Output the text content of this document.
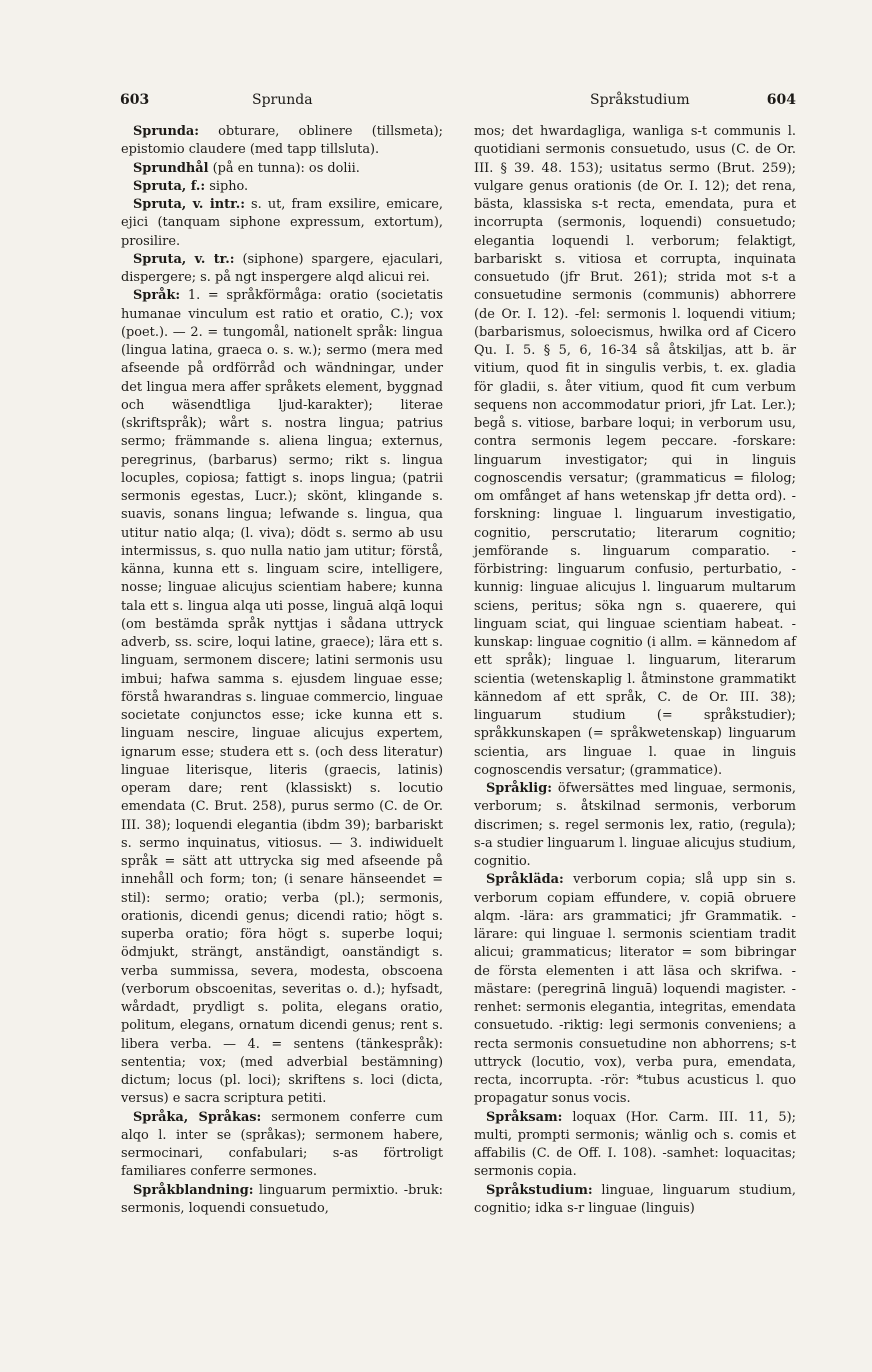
603	Sprunda	Språkstudium	604

Sprunda: obturare, oblinere (tillsmeta); epistomio claudere (med tapp tillsluta).

Sprundhål (på en tunna): os dolii.

Spruta, f.: sipho.

Spruta, v. intr.: s. ut, fram exsilire, emicare, ejici (tanquam siphone expressum, extortum), prosilire.

Spruta, v. tr.: (siphone) spargere, ejaculari, dispergere; s. på ngt inspergere alqd alicui rei.

Språk: 1. = språkförmåga: oratio (societatis humanae vinculum est ratio et oratio, C.); vox (poet.). — 2. = tungomål, nationelt språk: lingua (lingua latina, graeca o. s. w.); sermo (mera med afseende på ordförråd och wändningar, under det lingua mera affer språkets element, byggnad och wäsendtliga ljud-karakter); literae (skriftspråk); wårt s. nostra lingua; patrius sermo; främmande s. aliena lingua; externus, peregrinus, (barbarus) sermo; rikt s. lingua locuples, copiosa; fattigt s. inops lingua; (patrii sermonis egestas, Lucr.); skönt, klingande s. suavis, sonans lingua; lefwande s. lingua, qua utitur natio alqa; (l. viva); dödt s. sermo ab usu intermissus, s. quo nulla natio jam utitur; förstå, känna, kunna ett s. linguam scire, intelligere, nosse; linguae alicujus scientiam habere; kunna tala ett s. lingua alqa uti posse, linguā alqā loqui (om bestämda språk nyttjas i sådana uttryck adverb, ss. scire, loqui latine, graece); lära ett s. linguam, sermonem discere; latini sermonis usu imbui; hafwa samma s. ejusdem linguae esse; förstå hwarandras s. linguae commercio, linguae societate conjunctos esse; icke kunna ett s. linguam nescire, linguae alicujus expertem, ignarum esse; studera ett s. (och dess literatur) linguae literisque, literis (graecis, latinis) operam dare; rent (klassiskt) s. locutio emendata (C. Brut. 258), purus sermo (C. de Or. III. 38); loquendi elegantia (ibdm 39); barbariskt s. sermo inquinatus, vitiosus. — 3. indiwiduelt språk = sätt att uttrycka sig med afseende på innehåll och form; ton; (i senare hänseendet = stil): sermo; oratio; verba (pl.); sermonis, orationis, dicendi genus; dicendi ratio; högt s. superba oratio; föra högt s. superbe loqui; ödmjukt, strängt, anständigt, oanständigt s. verba summissa, severa, modesta, obscoena (verborum obscoenitas, severitas o. d.); hyfsadt, wårdadt, prydligt s. polita, elegans oratio, politum, elegans, ornatum dicendi genus; rent s. libera verba. — 4. = sentens (tänkespråk): sententia; vox; (med adverbial bestämning) dictum; locus (pl. loci); skriftens s. loci (dicta, versus) e sacra scriptura petiti.

Språka, Språkas: sermonem conferre cum alqo l. inter se (språkas); sermonem habere, sermocinari, confabulari; s-as förtroligt familiares conferre sermones.

Språkblandning: linguarum permixtio. -bruk: sermonis, loquendi consuetudo,

mos; det hwardagliga, wanliga s-t communis l. quotidiani sermonis consuetudo, usus (C. de Or. III. § 39. 48. 153); usitatus sermo (Brut. 259); vulgare genus orationis (de Or. I. 12); det rena, bästa, klassiska s-t recta, emendata, pura et incorrupta (sermonis, loquendi) consuetudo; elegantia loquendi l. verborum; felaktigt, barbariskt s. vitiosa et corrupta, inquinata consuetudo (jfr Brut. 261); strida mot s-t a consuetudine sermonis (communis) abhorrere (de Or. I. 12). -fel: sermonis l. loquendi vitium; (barbarismus, soloecismus, hwilka ord af Cicero Qu. I. 5. § 5, 6, 16-34 så åtskiljas, att b. är vitium, quod fit in singulis verbis, t. ex. gladia för gladii, s. åter vitium, quod fit cum verbum sequens non accommodatur priori, jfr Lat. Ler.); begå s. vitiose, barbare loqui; in verborum usu, contra sermonis legem peccare. -forskare: linguarum investigator; qui in linguis cognoscendis versatur; (grammaticus = filolog; om omfånget af hans wetenskap jfr detta ord). -forskning: linguae l. linguarum investigatio, cognitio, perscrutatio; literarum cognitio; jemförande s. linguarum comparatio. -förbistring: linguarum confusio, perturbatio, -kunnig: linguae alicujus l. linguarum multarum sciens, peritus; söka ngn s. quaerere, qui linguam sciat, qui linguae scientiam habeat. -kunskap: linguae cognitio (i allm. = kännedom af ett språk); linguae l. linguarum, literarum scientia (wetenskaplig l. åtminstone grammatikt kännedom af ett språk, C. de Or. III. 38); linguarum studium (= språkstudier); språkkunskapen (= språkwetenskap) linguarum scientia, ars linguae l. quae in linguis cognoscendis versatur; (grammatice).

Språklig: öfwersättes med linguae, sermonis, verborum; s. åtskilnad sermonis, verborum discrimen; s. regel sermonis lex, ratio, (regula); s-a studier linguarum l. linguae alicujus studium, cognitio.

Språkläda: verborum copia; slå upp sin s. verborum copiam effundere, v. copiā obruere alqm. -lära: ars grammatici; jfr Grammatik. -lärare: qui linguae l. sermonis scientiam tradit alicui; grammaticus; literator = som bibringar de första elementen i att läsa och skrifwa. -mästare: (peregrinā linguā) loquendi magister. -renhet: sermonis elegantia, integritas, emendata consuetudo. -riktig: legi sermonis conveniens; a recta sermonis consuetudine non abhorrens; s-t uttryck (locutio, vox), verba pura, emendata, recta, incorrupta. -rör: *tubus acusticus l. quo propagatur sonus vocis.

Språksam: loquax (Hor. Carm. III. 11, 5); multi, prompti sermonis; wänlig och s. comis et affabilis (C. de Off. I. 108). -samhet: loquacitas; sermonis copia.

Språkstudium: linguae, linguarum studium, cognitio; idka s-r linguae (linguis)
